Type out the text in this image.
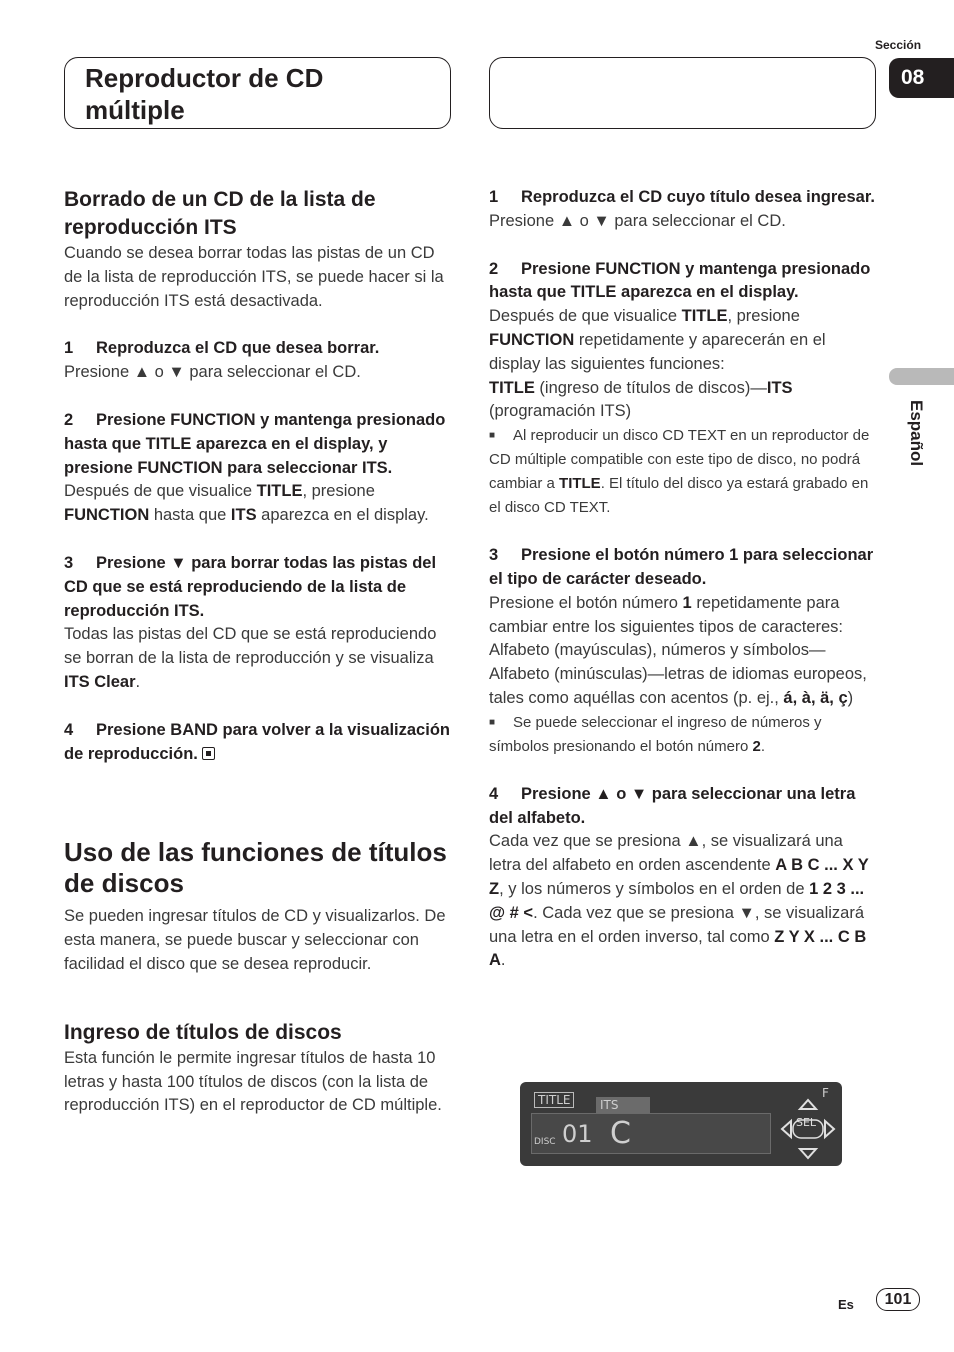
Reproductor de CD
múltiple
Sección
08
Español
Borrado de un CD de la lista de reproducción ITS

Cuando se desea borrar todas las pistas de un CD de la lista de reproducción ITS, se puede hacer si la reproducción ITS está desactivada.

1 Reproduzca el CD que desea borrar.

Presione ▲ o ▼ para seleccionar el CD.

2 Presione FUNCTION y mantenga presionado hasta que TITLE aparezca en el display, y presione FUNCTION para seleccionar ITS.

Después de que visualice TITLE, presione FUNCTION hasta que ITS aparezca en el display.

3 Presione ▼ para borrar todas las pistas del CD que se está reproduciendo de la lista de reproducción ITS.

Todas las pistas del CD que se está reproduciendo se borran de la lista de reproducción y se visualiza ITS Clear.

4 Presione BAND para volver a la visualización de reproducción.

Uso de las funciones de títulos de discos

Se pueden ingresar títulos de CD y visualizarlos. De esta manera, se puede buscar y seleccionar con facilidad el disco que se desea reproducir.

Ingreso de títulos de discos

Esta función le permite ingresar títulos de hasta 10 letras y hasta 100 títulos de discos (con la lista de reproducción ITS) en el reproductor de CD múltiple.

1 Reproduzca el CD cuyo título desea ingresar.

Presione ▲ o ▼ para seleccionar el CD.

2 Presione FUNCTION y mantenga presionado hasta que TITLE aparezca en el display.

Después de que visualice TITLE, presione FUNCTION repetidamente y aparecerán en el display las siguientes funciones:

TITLE (ingreso de títulos de discos)—ITS (programación ITS)

■ Al reproducir un disco CD TEXT en un reproductor de CD múltiple compatible con este tipo de disco, no podrá cambiar a TITLE. El título del disco ya estará grabado en el disco CD TEXT.

3 Presione el botón número 1 para seleccionar el tipo de carácter deseado.

Presione el botón número 1 repetidamente para cambiar entre los siguientes tipos de caracteres:

Alfabeto (mayúsculas), números y símbolos—Alfabeto (minúsculas)—letras de idiomas europeos, tales como aquéllas con acentos (p. ej., á, à, ä, ç)

■ Se puede seleccionar el ingreso de números y símbolos presionando el botón número 2.

4 Presione ▲ o ▼ para seleccionar una letra del alfabeto.

Cada vez que se presiona ▲, se visualizará una letra del alfabeto en orden ascendente A B C ... X Y Z, y los números y símbolos en el orden de 1 2 3 ... @ # <. Cada vez que se presiona ▼, se visualizará una letra en el orden inverso, tal como Z Y X ... C B A.

TITLE	ITS
DISC 01 C
F
SEL
Es	101
